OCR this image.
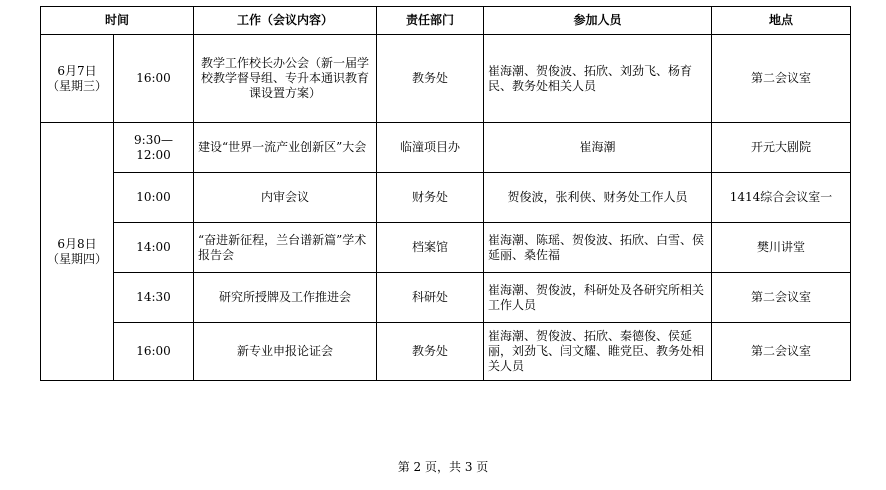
时间		工作（会议内容）	责任部门	参加人员	地点

6月7日
（星期三）	16:00	教学工作校长办公会（新一届学校教学督导组、专升本通识教育课设置方案）	教务处	崔海潮、贺俊波、拓欣、刘劲飞、杨育民、教务处相关人员	第二会议室

6月8日
（星期四）	9:30—12:00	建设“世界一流产业创新区”大会	临潼项目办	崔海潮	开元大剧院
	10:00	内审会议	财务处	贺俊波，张利侠、财务处工作人员	1414综合会议室一
	14:00	“奋进新征程，兰台谱新篇”学术报告会	档案馆	崔海潮、陈瑶、贺俊波、拓欣、白雪、侯延丽、桑佐福	樊川讲堂
	14:30	研究所授牌及工作推进会	科研处	崔海潮、贺俊波，科研处及各研究所相关工作人员	第二会议室
	16:00	新专业申报论证会	教务处	崔海潮、贺俊波、拓欣、秦德俊、侯延丽，刘劲飞、闫文耀、睢党臣、教务处相关人员	第二会议室
第 2 页，共 3 页
